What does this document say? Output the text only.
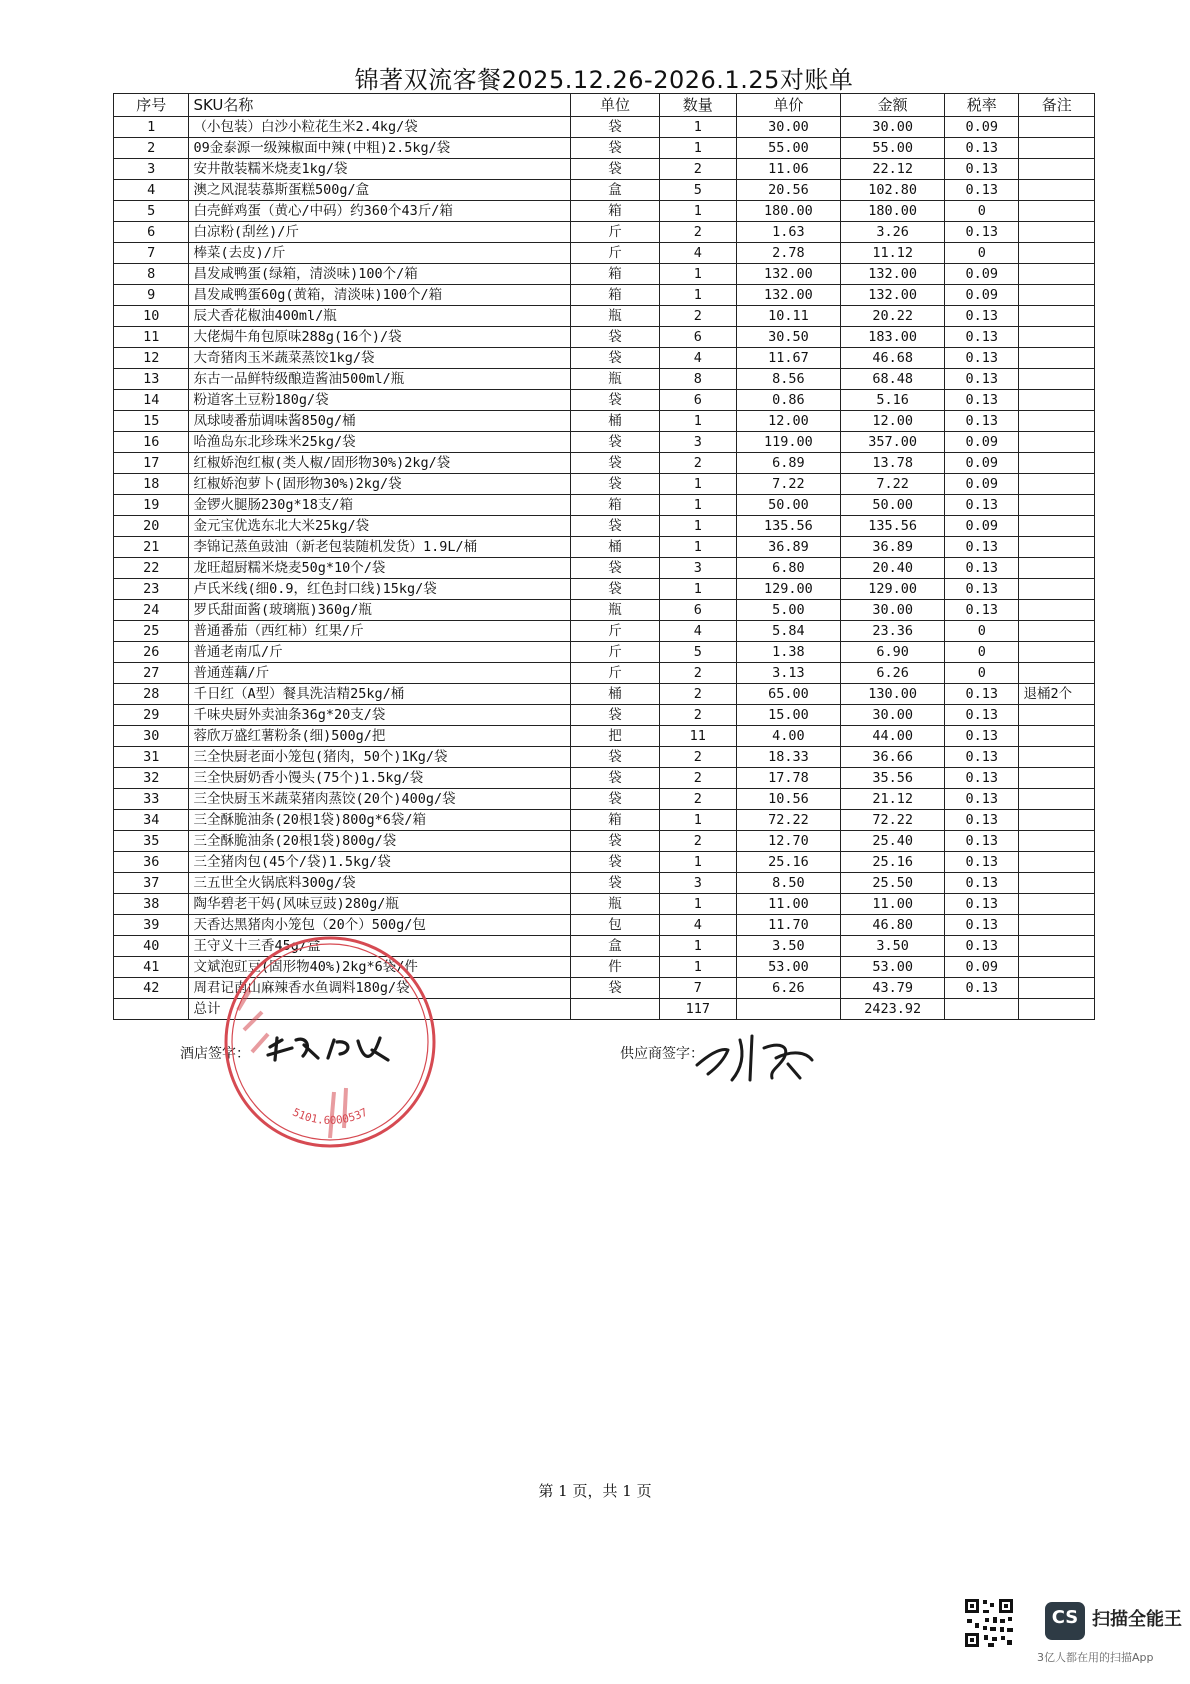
锦著双流客餐2025.12.26-2026.1.25对账单
序号	SKU名称	单位	数量	单价	金额	税率	备注
1	（小包装）白沙小粒花生米2.4kg/袋	袋	1	30.00	30.00	0.09	
2	09金泰源一级辣椒面中辣(中粗)2.5kg/袋	袋	1	55.00	55.00	0.13	
3	安井散装糯米烧麦1kg/袋	袋	2	11.06	22.12	0.13	
4	澳之风混装慕斯蛋糕500g/盒	盒	5	20.56	102.80	0.13	
5	白壳鲜鸡蛋（黄心/中码）约360个43斤/箱	箱	1	180.00	180.00	0	
6	白凉粉(刮丝)/斤	斤	2	1.63	3.26	0.13	
7	棒菜(去皮)/斤	斤	4	2.78	11.12	0	
8	昌发咸鸭蛋(绿箱，清淡味)100个/箱	箱	1	132.00	132.00	0.09	
9	昌发咸鸭蛋60g(黄箱，清淡味)100个/箱	箱	1	132.00	132.00	0.09	
10	辰犬香花椒油400ml/瓶	瓶	2	10.11	20.22	0.13	
11	大佬焗牛角包原味288g(16个)/袋	袋	6	30.50	183.00	0.13	
12	大奇猪肉玉米蔬菜蒸饺1kg/袋	袋	4	11.67	46.68	0.13	
13	东古一品鲜特级酿造酱油500ml/瓶	瓶	8	8.56	68.48	0.13	
14	粉道客土豆粉180g/袋	袋	6	0.86	5.16	0.13	
15	凤球唛番茄调味酱850g/桶	桶	1	12.00	12.00	0.13	
16	哈渔岛东北珍珠米25kg/袋	袋	3	119.00	357.00	0.09	
17	红椒娇泡红椒(类人椒/固形物30%)2kg/袋	袋	2	6.89	13.78	0.09	
18	红椒娇泡萝卜(固形物30%)2kg/袋	袋	1	7.22	7.22	0.09	
19	金锣火腿肠230g*18支/箱	箱	1	50.00	50.00	0.13	
20	金元宝优选东北大米25kg/袋	袋	1	135.56	135.56	0.09	
21	李锦记蒸鱼豉油（新老包装随机发货）1.9L/桶	桶	1	36.89	36.89	0.13	
22	龙旺超厨糯米烧麦50g*10个/袋	袋	3	6.80	20.40	0.13	
23	卢氏米线(细0.9，红色封口线)15kg/袋	袋	1	129.00	129.00	0.13	
24	罗氏甜面酱(玻璃瓶)360g/瓶	瓶	6	5.00	30.00	0.13	
25	普通番茄（西红柿）红果/斤	斤	4	5.84	23.36	0	
26	普通老南瓜/斤	斤	5	1.38	6.90	0	
27	普通莲藕/斤	斤	2	3.13	6.26	0	
28	千日红（A型）餐具洗洁精25kg/桶	桶	2	65.00	130.00	0.13	退桶2个
29	千味央厨外卖油条36g*20支/袋	袋	2	15.00	30.00	0.13	
30	蓉欣万盛红薯粉条(细)500g/把	把	11	4.00	44.00	0.13	
31	三全快厨老面小笼包(猪肉，50个)1Kg/袋	袋	2	18.33	36.66	0.13	
32	三全快厨奶香小馒头(75个)1.5kg/袋	袋	2	17.78	35.56	0.13	
33	三全快厨玉米蔬菜猪肉蒸饺(20个)400g/袋	袋	2	10.56	21.12	0.13	
34	三全酥脆油条(20根1袋)800g*6袋/箱	箱	1	72.22	72.22	0.13	
35	三全酥脆油条(20根1袋)800g/袋	袋	2	12.70	25.40	0.13	
36	三全猪肉包(45个/袋)1.5kg/袋	袋	1	25.16	25.16	0.13	
37	三五世全火锅底料300g/袋	袋	3	8.50	25.50	0.13	
38	陶华碧老干妈(风味豆豉)280g/瓶	瓶	1	11.00	11.00	0.13	
39	天香达黑猪肉小笼包（20个）500g/包	包	4	11.70	46.80	0.13	
40	王守义十三香45g/盒	盒	1	3.50	3.50	0.13	
41	文斌泡豇豆(固形物40%)2kg*6袋/件	件	1	53.00	53.00	0.09	
42	周君记南山麻辣香水鱼调料180g/袋	袋	7	6.26	43.79	0.13	
	总计		117		2423.92		
酒店签字：	供应商签字：
5101.6000537
第 1 页，共 1 页
CS 扫描全能王
3亿人都在用的扫描App
